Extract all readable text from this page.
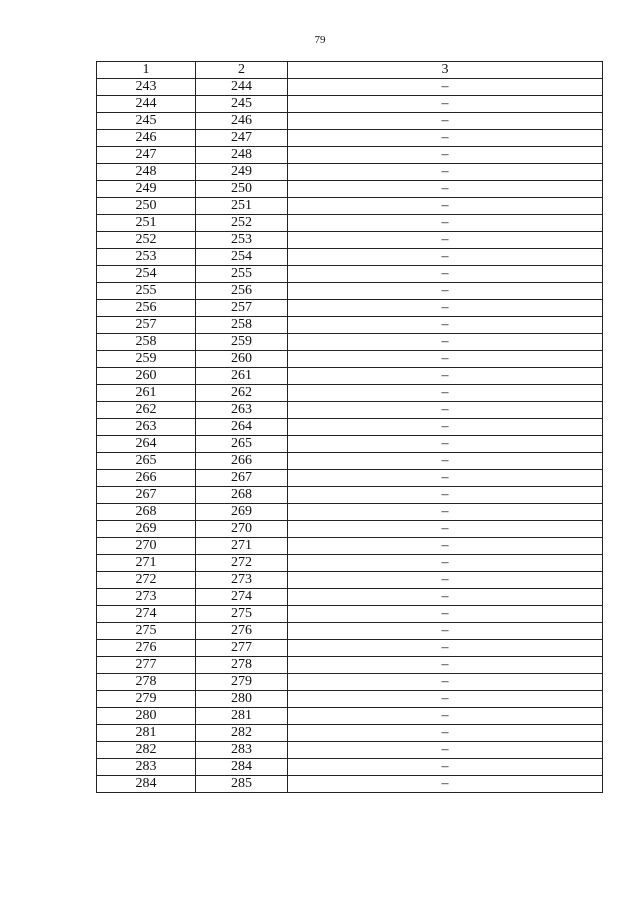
79
1	2	3
243	244	–
244	245	–
245	246	–
246	247	–
247	248	–
248	249	–
249	250	–
250	251	–
251	252	–
252	253	–
253	254	–
254	255	–
255	256	–
256	257	–
257	258	–
258	259	–
259	260	–
260	261	–
261	262	–
262	263	–
263	264	–
264	265	–
265	266	–
266	267	–
267	268	–
268	269	–
269	270	–
270	271	–
271	272	–
272	273	–
273	274	–
274	275	–
275	276	–
276	277	–
277	278	–
278	279	–
279	280	–
280	281	–
281	282	–
282	283	–
283	284	–
284	285	–
